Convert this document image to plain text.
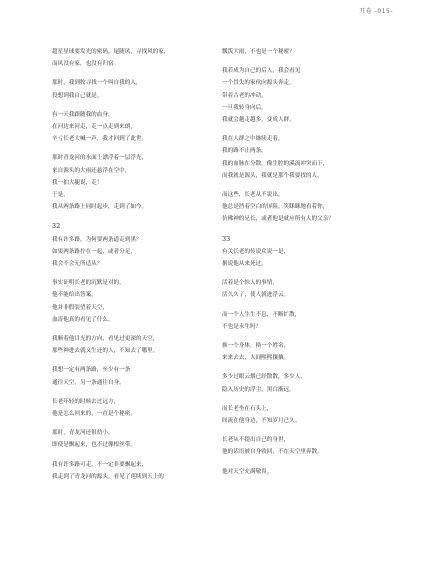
开卷 -015-

超星星球要发光的密码，尾随风，寻找风的家，
而风没有家，也没有归宿。

那时，我到牧寻找一个叫自我的人，
役想到我自己就是。

有一天我跟随我的血身，
在河边来河走，走一点走到来朗，
辛亏长老大喊一声，我才回到了此世。

那时青龙河的水面上漂浮着一层浮光，
来自源头的大雨还悬浮在空中，
我一拍大腿说，走！
于是，
我从两条路上同时起步，走到了如今。

32

我有许多路，为何要两条道走到黑？
如果两条路拧在一起，或者分足，
我会不会无所适从？

事实证明长老的沉默是对的，
他不能给出答案，
他并非假装望着天空，
血涛他真的看见了什么。

我顺着他目光的方向，看见过更深的天空，
那些神进去就又生还的人，不知去了哪里。

我想一定有两条路，至少有一条
通往天空，另一条通往自身。

长老年轻的时候去过远方，
他是怎么回来的，一直是个秘密。

那时，青龙河还很幼小，
即使是飘起来，也不过像根丝带。

我有许多路可走，不一定非要飘起来，
我走到了青龙河的源头，看见了莲续到天上的

瓢泼大雨，不也是一个秘密？

我若成为自己的后人，我会看见
一个冒失的家伙向源头奔走，
带着古老的冲动，
一旦我转身向后，
我就会越走越多，变成人群。

我在人群之中继续走着，
我的路不止两条，
我的血脉在分散，像生腔的溪流冲突而下，
而我就是源头，我就是那个我要找的人。

而这些，长老从不说出，
他总是挡着空白的屏阻，笑眯眯地看着你，
仿佛神的兄长，或者他是就应所有人的父亲？

33

有关长老的传说众说一是，
据说他从来死过。

活着是个惊人的事情，
活久久了，使人就进浮云。

而一个人生生不息，不断扩散，
不也是永生吗？

换一个身体，换一个姓名，
来来去去，人间熙熙攘攘。

多少过眼云烟已经散散，多少人，
隐入历史的浮尘，黑白渐远。

而长老坐在石头上，
间流在他身边，不知岁月已久。

长老从不提出自己的身世，
他的话语被自身收回，不在天空里奔散。

他对天空充满敬畏。
